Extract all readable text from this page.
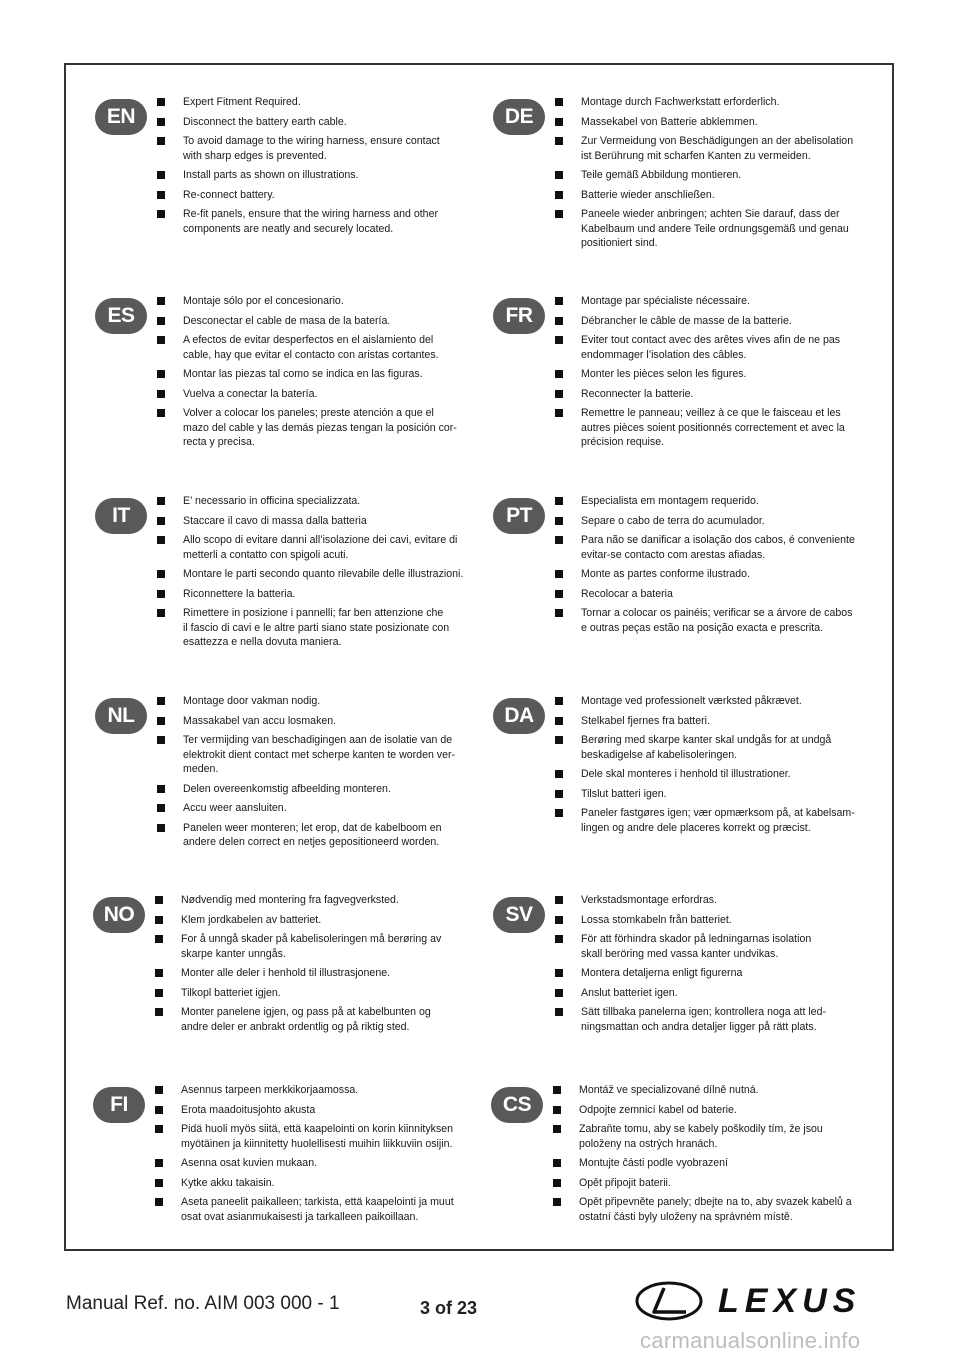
EN
Expert Fitment Required.
Disconnect the battery earth cable.
To avoid damage to the wiring harness, ensure contact
with sharp edges is prevented.
Install parts as shown on illustrations.
Re-connect battery.
Re-fit panels, ensure that the wiring harness and other
components are neatly and securely located.
DE
Montage durch Fachwerkstatt erforderlich.
Massekabel von Batterie abklemmen.
Zur Vermeidung von Beschädigungen an der abelisolation
ist Berührung mit scharfen Kanten zu vermeiden.
Teile gemäß Abbildung montieren.
Batterie wieder anschließen.
Paneele wieder anbringen; achten Sie darauf, dass der
Kabelbaum und andere Teile ordnungsgemäß und genau
positioniert sind.
ES
Montaje sólo por el concesionario.
Desconectar el cable de masa de la batería.
A efectos de evitar desperfectos en el aislamiento del
cable, hay que evitar el contacto con aristas cortantes.
Montar las piezas tal como se indica en las figuras.
Vuelva a conectar la batería.
Volver a colocar los paneles; preste atención a que el
mazo del cable y las demás piezas tengan la posición cor-
recta y precisa.
FR
Montage par spécialiste nécessaire.
Débrancher le câble de masse de la batterie.
Eviter tout contact avec des arêtes vives afin de ne pas
endommager l’isolation des câbles.
Monter les pièces selon les figures.
Reconnecter la batterie.
Remettre le panneau; veillez à ce que le faisceau et les
autres pièces soient positionnés correctement et avec la
précision requise.
IT
E’ necessario in officina specializzata.
Staccare il cavo di massa dalla batteria
Allo scopo di evitare danni all’isolazione dei cavi, evitare di
metterli a contatto con spigoli acuti.
Montare le parti secondo quanto rilevabile delle illustrazioni.
Riconnettere la batteria.
Rimettere in posizione i pannelli; far ben attenzione che
il fascio di cavi e le altre parti siano state posizionate con
esattezza e nella dovuta maniera.
PT
Especialista em montagem requerido.
Separe o cabo de terra do acumulador.
Para não se danificar a isolação dos cabos, é conveniente
evitar-se contacto com arestas afiadas.
Monte as partes conforme ilustrado.
Recolocar a bateria
Tornar a colocar os painéis; verificar se a árvore de cabos
e outras peças estão na posição exacta e prescrita.
NL
Montage door vakman nodig.
Massakabel van accu losmaken.
Ter vermijding van beschadigingen aan de isolatie van de
elektrokit dient contact met scherpe kanten te worden ver-
meden.
Delen overeenkomstig afbeelding monteren.
Accu weer aansluiten.
Panelen weer monteren; let erop, dat de kabelboom en
andere delen correct en netjes gepositioneerd worden.
DA
Montage ved professionelt værksted påkrævet.
Stelkabel fjernes fra batteri.
Berøring med skarpe kanter skal undgås for at undgå
beskadigelse af kabelisoleringen.
Dele skal monteres i henhold til illustrationer.
Tilslut batteri igen.
Paneler fastgøres igen; vær opmærksom på, at kabelsam-
lingen og andre dele placeres korrekt og præcist.
NO
Nødvendig med montering fra fagvegverksted.
Klem jordkabelen av batteriet.
For å unngå skader på kabelisoleringen må berøring av
skarpe kanter unngås.
Monter alle deler i henhold til illustrasjonene.
Tilkopl batteriet igjen.
Monter panelene igjen, og pass på at kabelbunten og
andre deler er anbrakt ordentlig og på riktig sted.
SV
Verkstadsmontage erfordras.
Lossa stomkabeln från batteriet.
För att förhindra skador på ledningarnas isolation
skall beröring med vassa kanter undvikas.
Montera detaljerna enligt figurerna
Anslut batteriet igen.
Sätt tillbaka panelerna igen; kontrollera noga att led-
ningsmattan och andra detaljer ligger på rätt plats.
FI
Asennus tarpeen merkkikorjaamossa.
Erota maadoitusjohto akusta
Pidä huoli myös siitä, että kaapelointi on korin kiinnityksen
myötäinen ja kiinnitetty huolellisesti muihin liikkuviin osijin.
Asenna osat kuvien mukaan.
Kytke akku takaisin.
Aseta paneelit paikalleen; tarkista, että kaapelointi ja muut
osat ovat asianmukaisesti ja tarkalleen paikoillaan.
CS
Montáž ve specializované dílně nutná.
Odpojte zemnicí kabel od baterie.
Zabraňte tomu, aby se kabely poškodily tím, že jsou
položeny na ostrých hranách.
Montujte části podle vyobrazení
Opět připojit baterii.
Opět připevněte panely; dbejte na to, aby svazek kabelů a
ostatní části byly uloženy na správném místě.
Manual Ref. no. AIM 003 000 - 1	3 of 23	LEXUS
carmanualsonline.info
